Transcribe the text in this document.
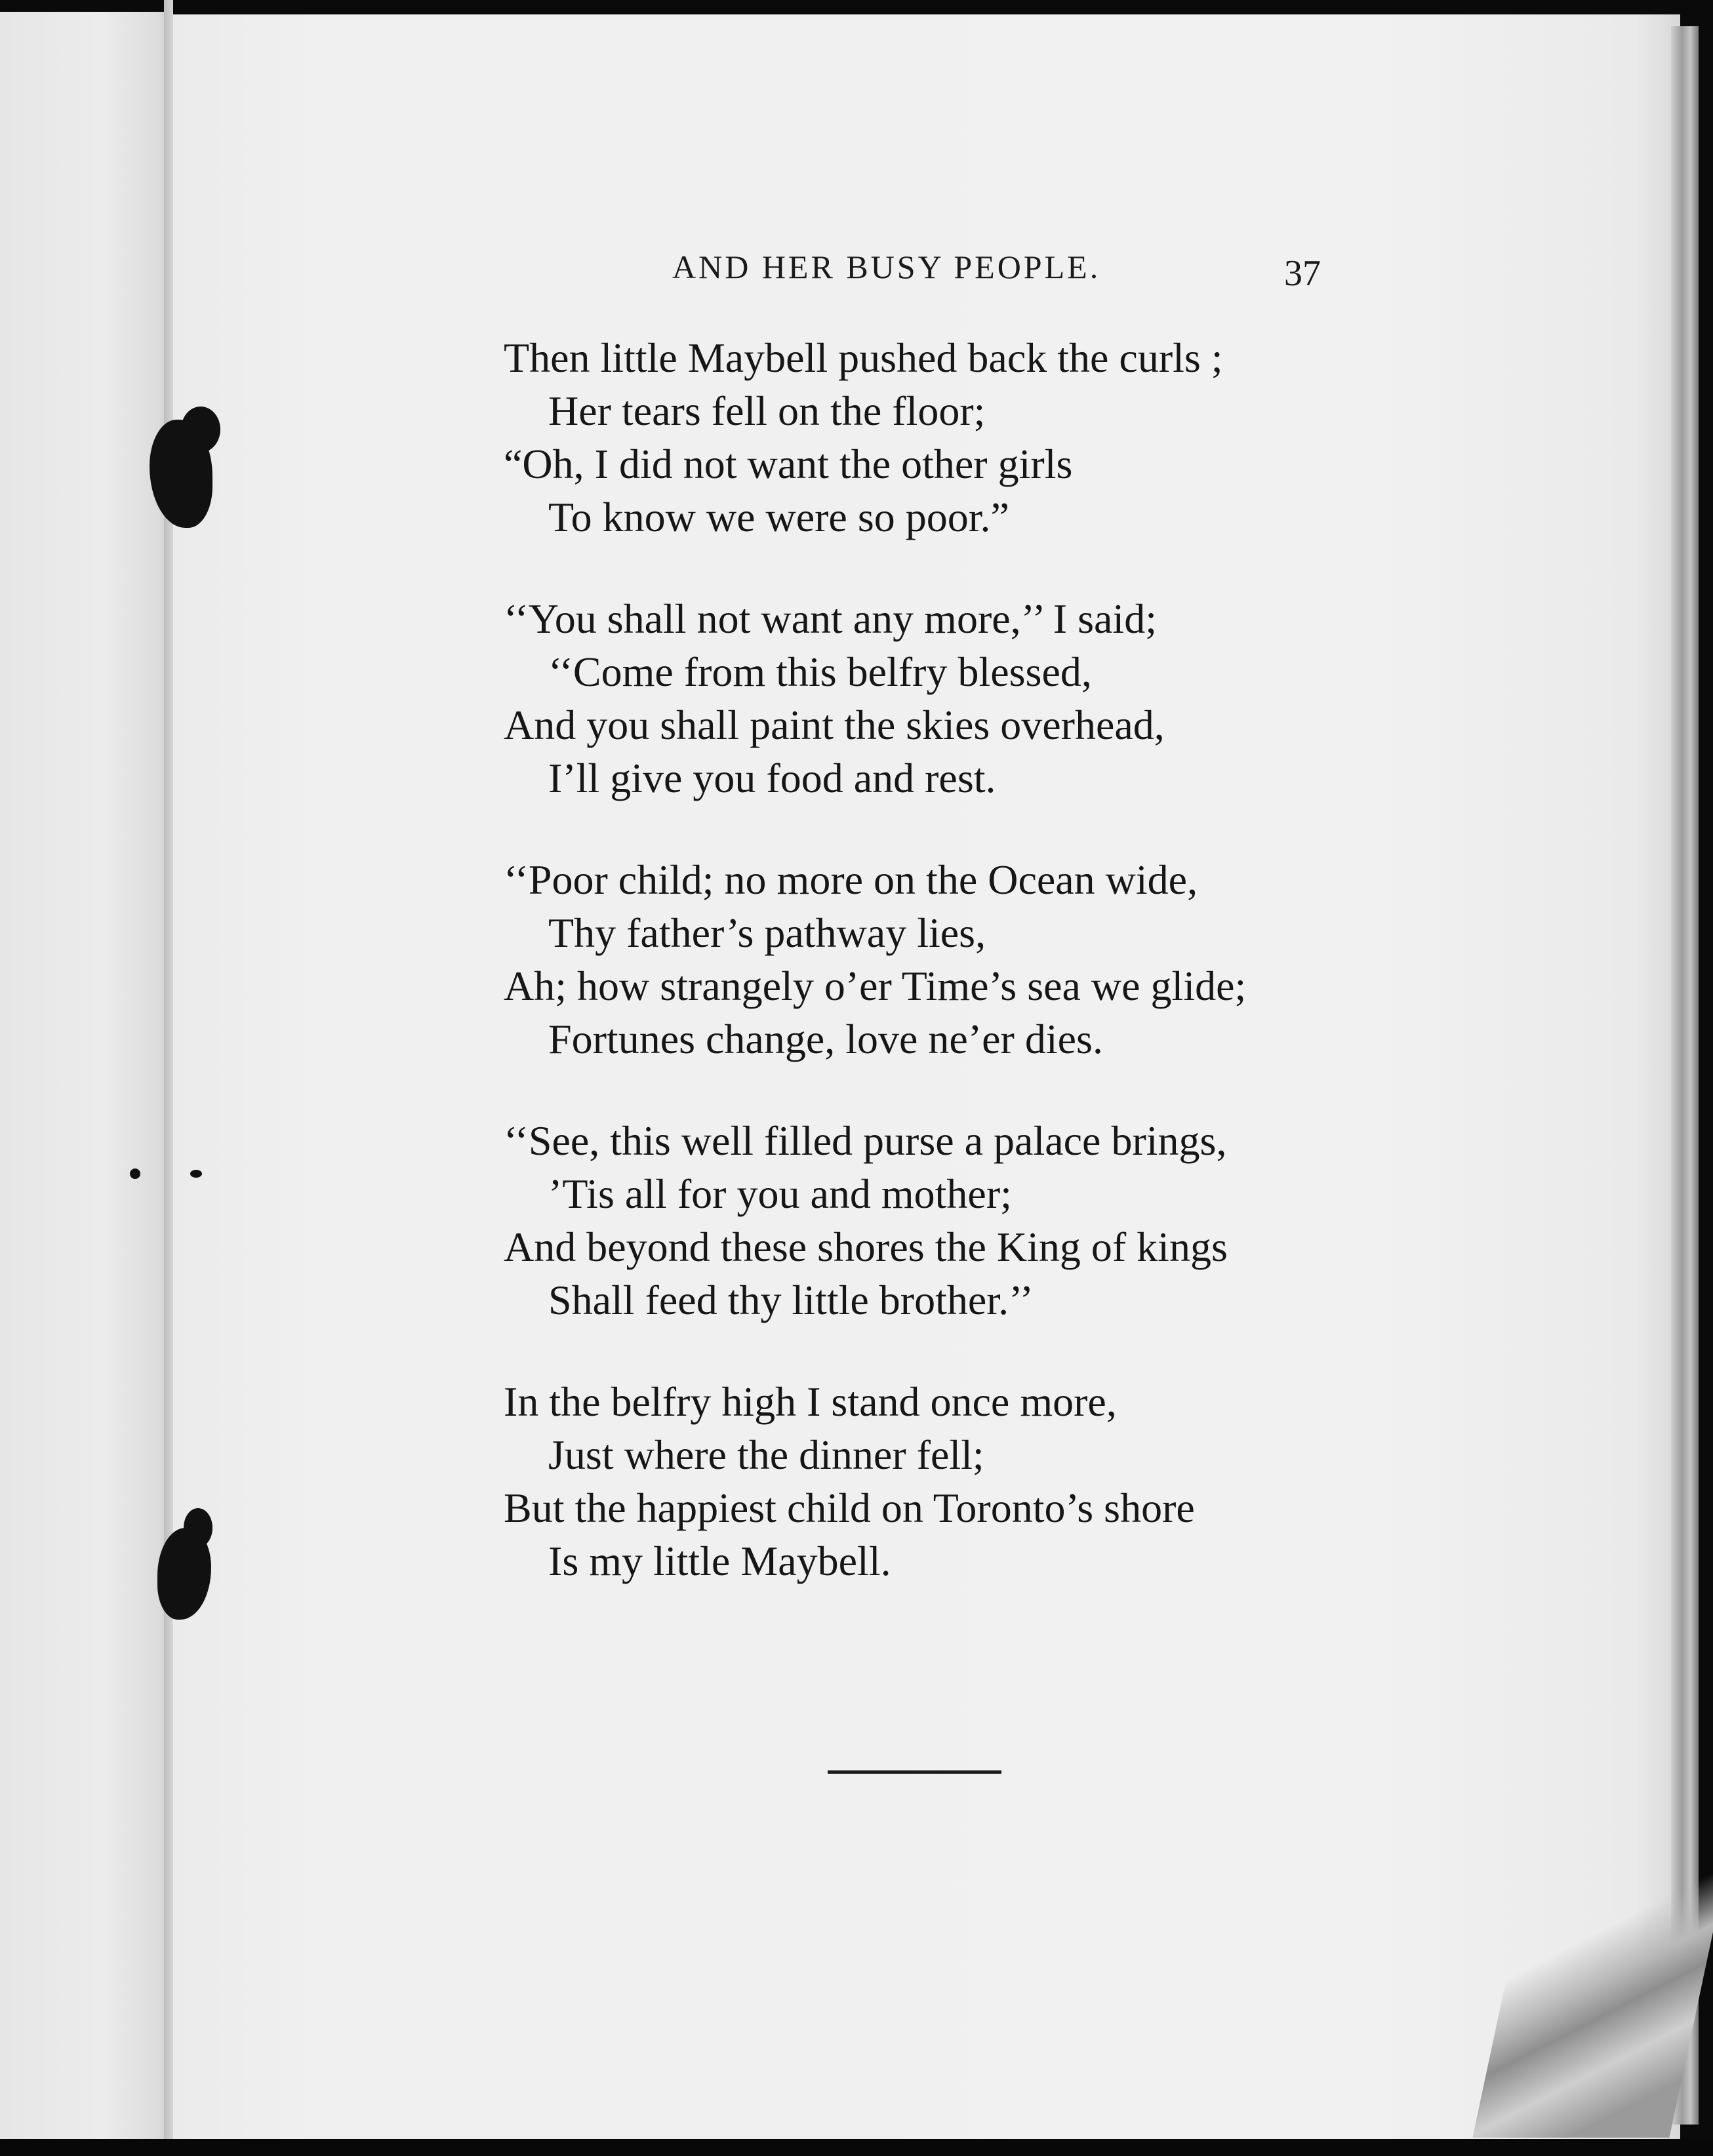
AND HER BUSY PEOPLE.	37
Then little Maybell pushed back the curls ;
Her tears fell on the floor;
“Oh, I did not want the other girls
To know we were so poor.”
‘‘You shall not want any more,’’ I said;
‘‘Come from this belfry blessed,
And you shall paint the skies overhead,
I’ll give you food and rest.
‘‘Poor child; no more on the Ocean wide,
Thy father’s pathway lies,
Ah; how strangely o’er Time’s sea we glide;
Fortunes change, love ne’er dies.
‘‘See, this well filled purse a palace brings,
’Tis all for you and mother;
And beyond these shores the King of kings
Shall feed thy little brother.’’
In the belfry high I stand once more,
Just where the dinner fell;
But the happiest child on Toronto’s shore
Is my little Maybell.
